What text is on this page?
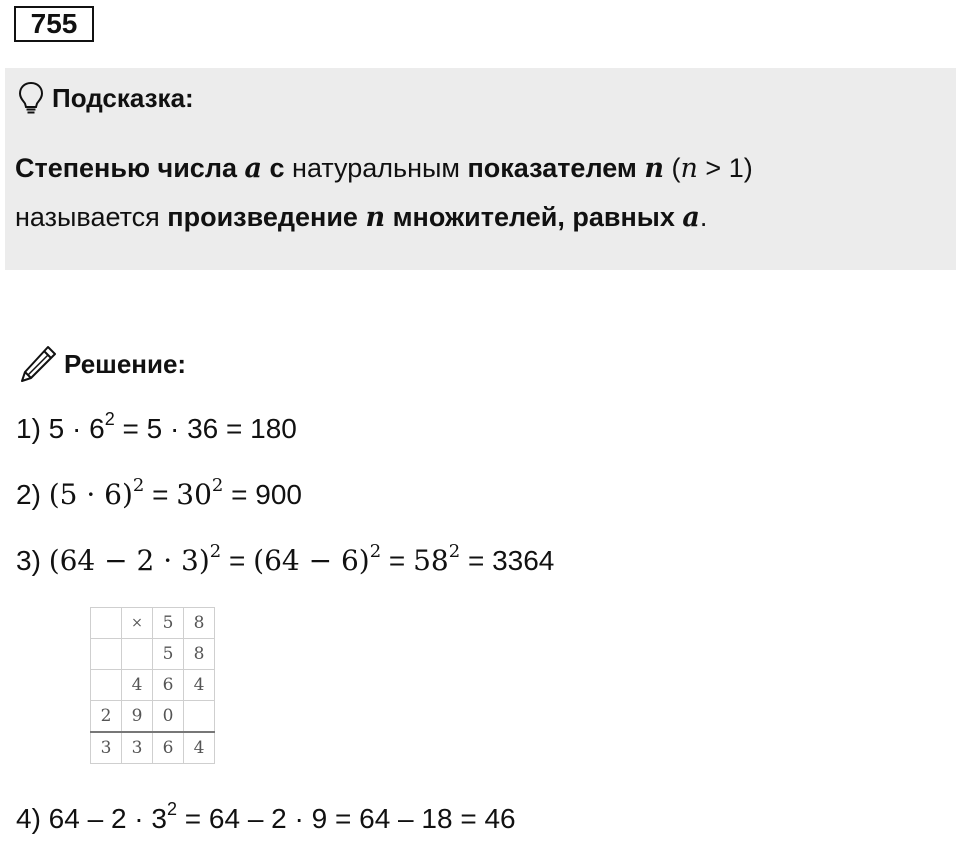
755
Подсказка:
Степенью числа a с натуральным показателем n (n > 1)
называется произведение n множителей, равных a.
Решение:
1) $5 \cdot 6^2 = 5 \cdot 36 = 180$
2) $(5 \cdot 6)^2 = 30^2 = 900$
3) $(64 - 2 \cdot 3)^2 = (64 - 6)^2 = 58^2 = 3364$
	×	5	8
		5	8
	4	6	4
2	9	0	
3	3	6	4
4) $64 - 2 \cdot 3^2 = 64 - 2 \cdot 9 = 64 - 18 = 46$
